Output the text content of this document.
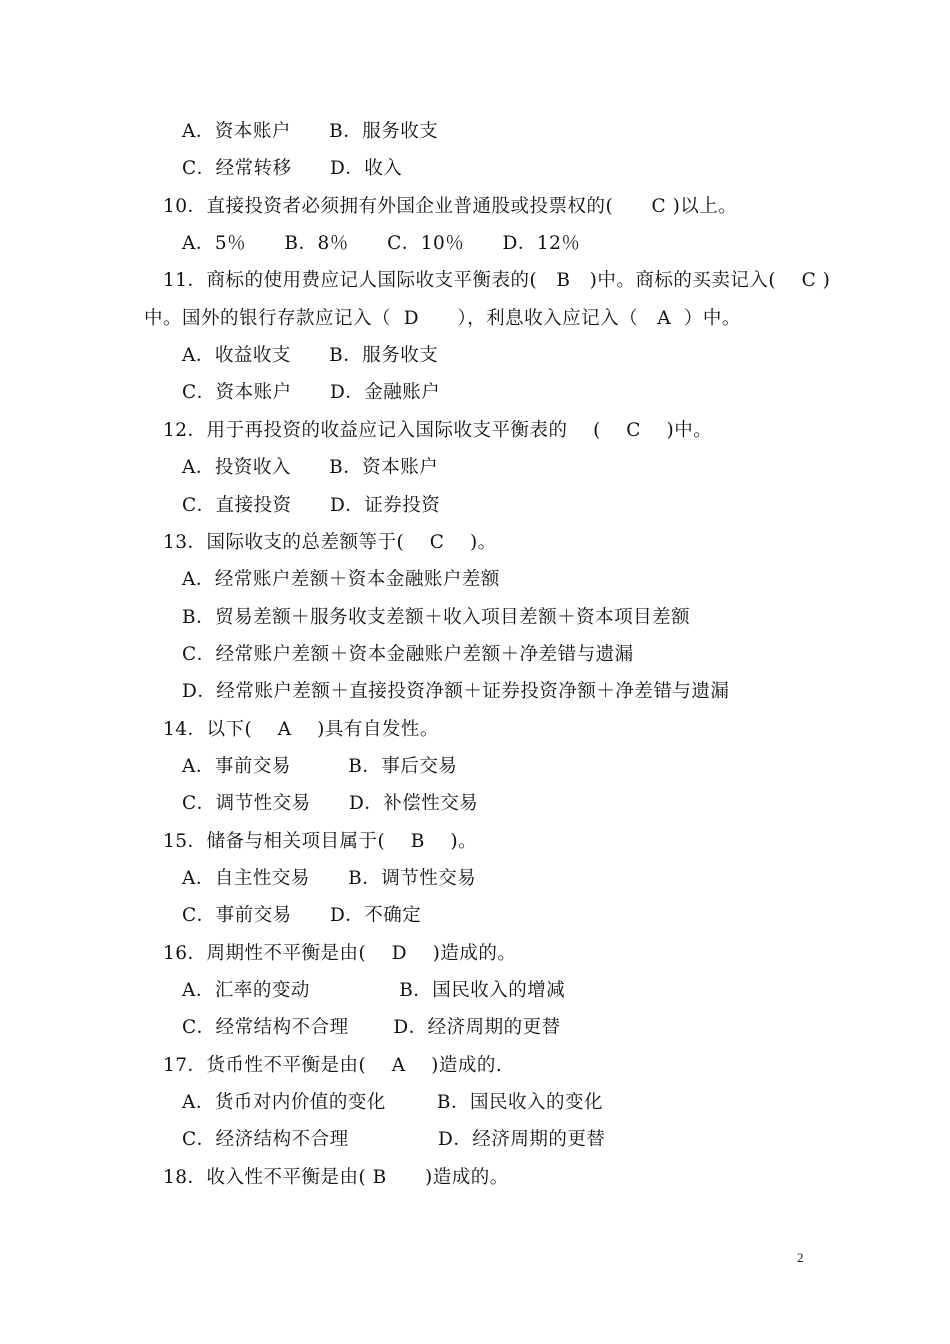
A．资本账户      B．服务收支
C．经常转移      D．收入
10．直接投资者必须拥有外国企业普通股或投票权的(      C )以上。
A．5％      B．8％      C．10％      D．12％
11．商标的使用费应记人国际收支平衡表的(   B   )中。商标的买卖记入(    C )
中。国外的银行存款应记入（  D      ），利息收入应记入（   A  ）中。
A．收益收支      B．服务收支
C．资本账户      D．金融账户
12．用于再投资的收益应记入国际收支平衡表的    (    C    )中。
A．投资收入      B．资本账户
C．直接投资      D．证券投资
13．国际收支的总差额等于(    C    )。
A．经常账户差额＋资本金融账户差额
B．贸易差额＋服务收支差额＋收入项目差额＋资本项目差额
C．经常账户差额＋资本金融账户差额＋净差错与遗漏
D．经常账户差额＋直接投资净额＋证券投资净额＋净差错与遗漏
14．以下(    A    )具有自发性。
A．事前交易         B．事后交易
C．调节性交易      D．补偿性交易
15．储备与相关项目属于(    B    )。
A．自主性交易      B．调节性交易
C．事前交易      D．不确定
16．周期性不平衡是由(    D    )造成的。
A．汇率的变动              B．国民收入的增减
C．经常结构不合理       D．经济周期的更替
17．货币性不平衡是由(    A    )造成的.
A．货币对内价值的变化        B．国民收入的变化
C．经济结构不合理              D．经济周期的更替
18．收入性不平衡是由( B      )造成的。
2
